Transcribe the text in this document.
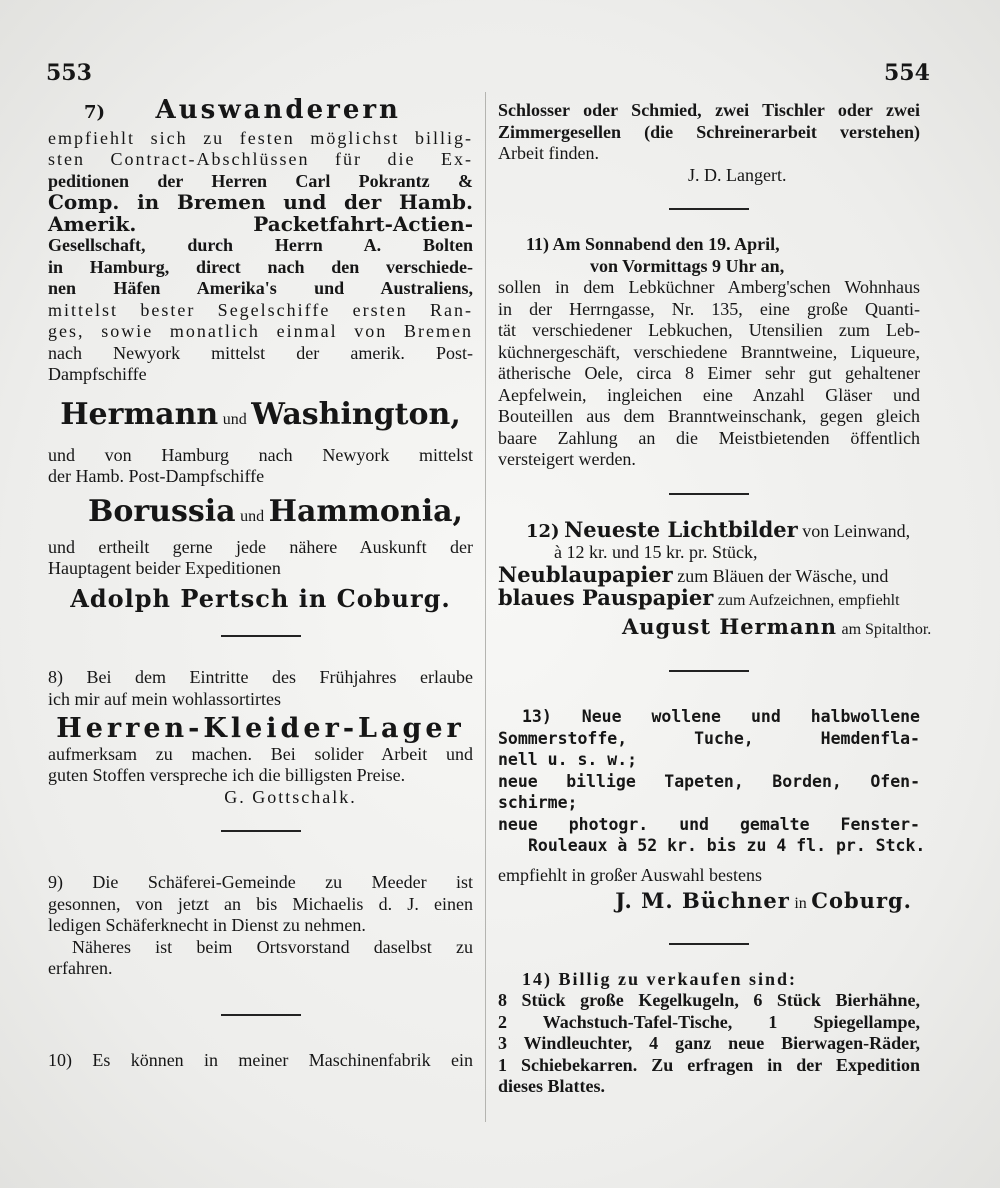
553	554
7) Auswanderern
empfiehlt sich zu festen möglichst billig-
sten Contract-Abschlüssen für die Ex-
peditionen der Herren Carl Pokrantz &
Comp. in Bremen und der Hamb.
Amerik. Packetfahrt-Actien-
Gesellschaft, durch Herrn A. Bolten
in Hamburg, direct nach den verschiede-
nen Häfen Amerika's und Australiens,
mittelst bester Segelschiffe ersten Ran-
ges, sowie monatlich einmal von Bremen
nach Newyork mittelst der amerik. Post-
Dampfschiffe
Hermann und Washington,
und von Hamburg nach Newyork mittelst
der Hamb. Post-Dampfschiffe
Borussia und Hammonia,
und ertheilt gerne jede nähere Auskunft der
Hauptagent beider Expeditionen
Adolph Pertsch in Coburg.
8) Bei dem Eintritte des Frühjahres erlaube
ich mir auf mein wohlassortirtes
Herren-Kleider-Lager
aufmerksam zu machen. Bei solider Arbeit und
guten Stoffen verspreche ich die billigsten Preise.
G. Gottschalk.
9) Die Schäferei-Gemeinde zu Meeder ist
gesonnen, von jetzt an bis Michaelis d. J. einen
ledigen Schäferknecht in Dienst zu nehmen.
Näheres ist beim Ortsvorstand daselbst zu
erfahren.
10) Es können in meiner Maschinenfabrik ein
Schlosser oder Schmied, zwei Tischler oder zwei
Zimmergesellen (die Schreinerarbeit verstehen)
Arbeit finden.
J. D. Langert.
11) Am Sonnabend den 19. April,
von Vormittags 9 Uhr an,
sollen in dem Lebküchner Amberg'schen Wohnhaus
in der Herrngasse, Nr. 135, eine große Quanti-
tät verschiedener Lebkuchen, Utensilien zum Leb-
küchnergeschäft, verschiedene Branntweine, Liqueure,
ätherische Oele, circa 8 Eimer sehr gut gehaltener
Aepfelwein, ingleichen eine Anzahl Gläser und
Bouteillen aus dem Branntweinschank, gegen gleich
baare Zahlung an die Meistbietenden öffentlich
versteigert werden.
12) Neueste Lichtbilder von Leinwand,
à 12 kr. und 15 kr. pr. Stück,
Neublaupapier zum Bläuen der Wäsche, und
blaues Pauspapier zum Aufzeichnen, empfiehlt
August Hermann am Spitalthor.
13) Neue wollene und halbwollene
Sommerstoffe, Tuche, Hemdenfla-
nell u. s. w.;
neue billige Tapeten, Borden, Ofen-
schirme;
neue photogr. und gemalte Fenster-
Rouleaux à 52 kr. bis zu 4 fl. pr. Stck.
empfiehlt in großer Auswahl bestens
J. M. Büchner in Coburg.
14) Billig zu verkaufen sind:
8 Stück große Kegelkugeln, 6 Stück Bierhähne,
2 Wachstuch-Tafel-Tische, 1 Spiegellampe,
3 Windleuchter, 4 ganz neue Bierwagen-Räder,
1 Schiebekarren. Zu erfragen in der Expedition
dieses Blattes.
